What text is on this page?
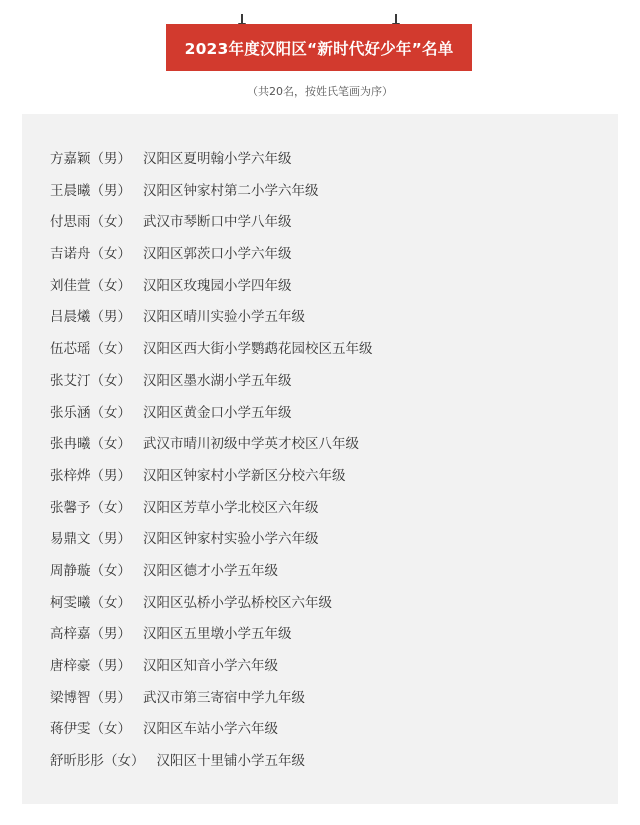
2023年度汉阳区“新时代好少年”名单
（共20名，按姓氏笔画为序）
方嘉颖（男） 汉阳区夏明翰小学六年级
王晨曦（男） 汉阳区钟家村第二小学六年级
付思雨（女） 武汉市琴断口中学八年级
吉诺舟（女） 汉阳区郭茨口小学六年级
刘佳萱（女） 汉阳区玫瑰园小学四年级
吕晨爔（男） 汉阳区晴川实验小学五年级
伍芯瑶（女） 汉阳区西大街小学鹦鹉花园校区五年级
张艾汀（女） 汉阳区墨水湖小学五年级
张乐涵（女） 汉阳区黄金口小学五年级
张冉曦（女） 武汉市晴川初级中学英才校区八年级
张梓烨（男） 汉阳区钟家村小学新区分校六年级
张馨予（女） 汉阳区芳草小学北校区六年级
易鼎文（男） 汉阳区钟家村实验小学六年级
周静璇（女） 汉阳区德才小学五年级
柯雯曦（女） 汉阳区弘桥小学弘桥校区六年级
高梓嘉（男） 汉阳区五里墩小学五年级
唐梓豪（男） 汉阳区知音小学六年级
梁博智（男） 武汉市第三寄宿中学九年级
蒋伊雯（女） 汉阳区车站小学六年级
舒昕肜肜（女） 汉阳区十里铺小学五年级
